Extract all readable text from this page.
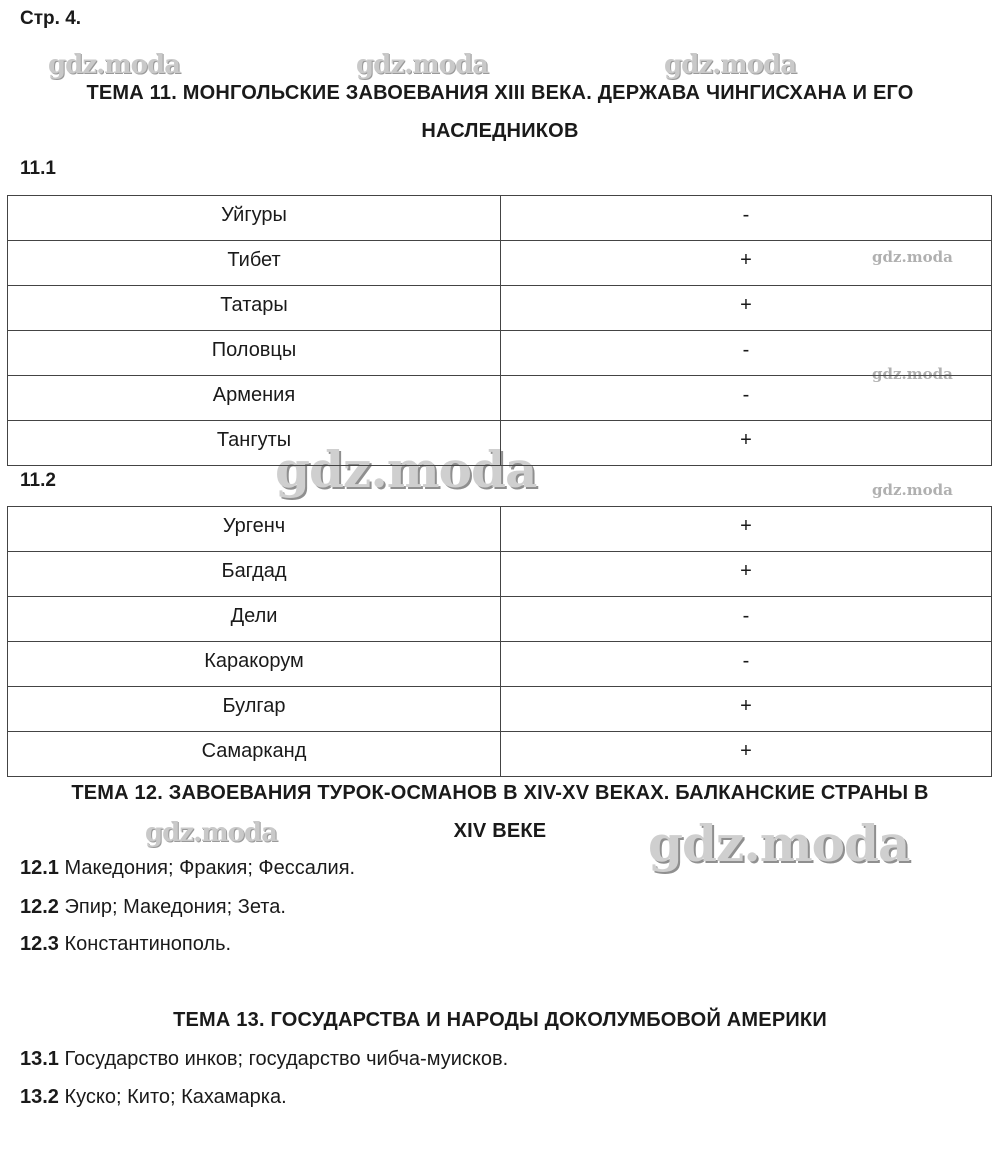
Стр. 4.
gdz.moda	gdz.moda	gdz.moda
gdz.moda
gdz.moda
gdz.moda	gdz.moda
gdz.moda	gdz.moda
ТЕМА 11. МОНГОЛЬСКИЕ ЗАВОЕВАНИЯ XIII ВЕКА. ДЕРЖАВА ЧИНГИСХАНА И ЕГО
НАСЛЕДНИКОВ
11.1
Уйгуры	-
Тибет	+
Татары	+
Половцы	-
Армения	-
Тангуты	+
11.2
Ургенч	+
Багдад	+
Дели	-
Каракорум	-
Булгар	+
Самарканд	+
ТЕМА 12. ЗАВОЕВАНИЯ ТУРОК-ОСМАНОВ В XIV-XV ВЕКАХ. БАЛКАНСКИЕ СТРАНЫ В
XIV ВЕКЕ
12.1 Македония; Фракия; Фессалия.
12.2 Эпир; Македония; Зета.
12.3 Константинополь.
ТЕМА 13. ГОСУДАРСТВА И НАРОДЫ ДОКОЛУМБОВОЙ АМЕРИКИ
13.1 Государство инков; государство чибча-муисков.
13.2 Куско; Кито; Кахамарка.
